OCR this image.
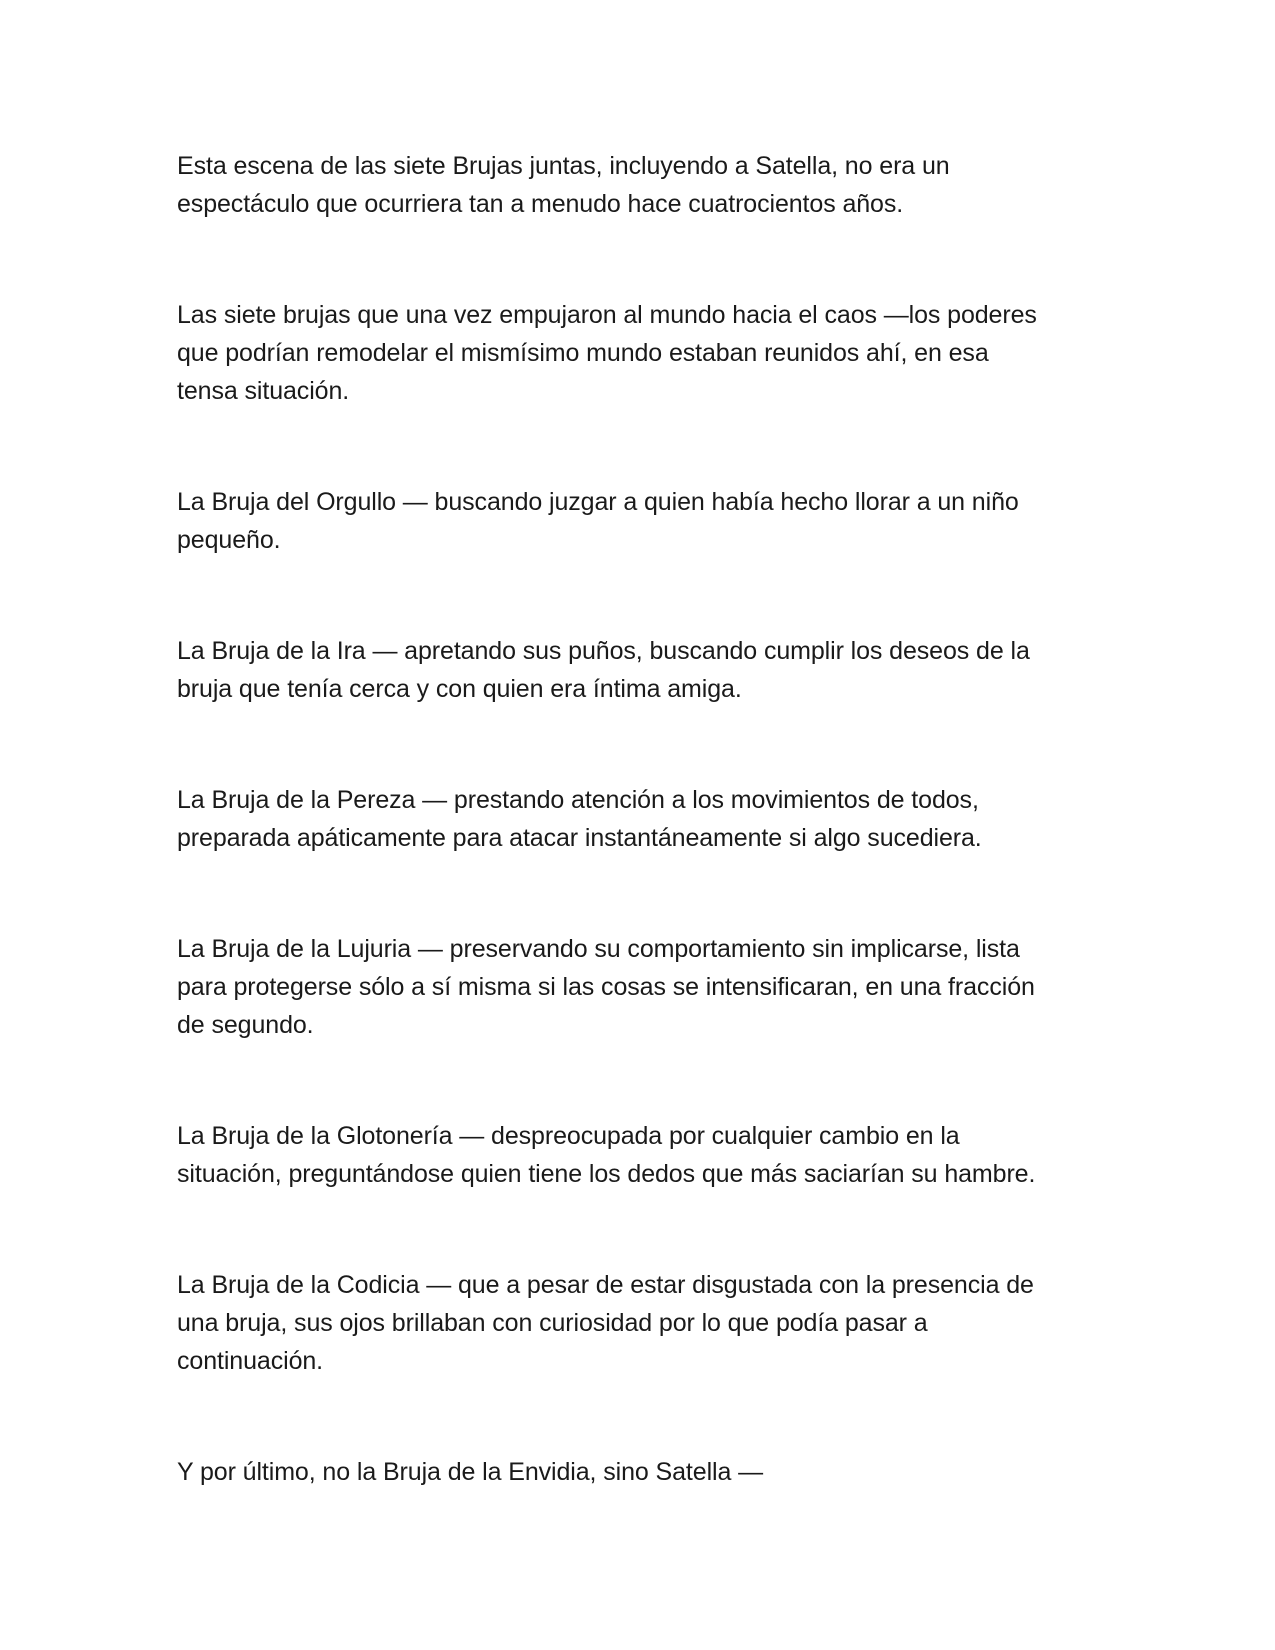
Esta escena de las siete Brujas juntas, incluyendo a Satella, no era un
espectáculo que ocurriera tan a menudo hace cuatrocientos años.

Las siete brujas que una vez empujaron al mundo hacia el caos —los poderes
que podrían remodelar el mismísimo mundo estaban reunidos ahí, en esa
tensa situación.

La Bruja del Orgullo — buscando juzgar a quien había hecho llorar a un niño
pequeño.

La Bruja de la Ira — apretando sus puños, buscando cumplir los deseos de la
bruja que tenía cerca y con quien era íntima amiga.

La Bruja de la Pereza — prestando atención a los movimientos de todos,
preparada apáticamente para atacar instantáneamente si algo sucediera.

La Bruja de la Lujuria — preservando su comportamiento sin implicarse, lista
para protegerse sólo a sí misma si las cosas se intensificaran, en una fracción
de segundo.

La Bruja de la Glotonería — despreocupada por cualquier cambio en la
situación, preguntándose quien tiene los dedos que más saciarían su hambre.

La Bruja de la Codicia — que a pesar de estar disgustada con la presencia de
una bruja, sus ojos brillaban con curiosidad por lo que podía pasar a
continuación.

Y por último, no la Bruja de la Envidia, sino Satella —
